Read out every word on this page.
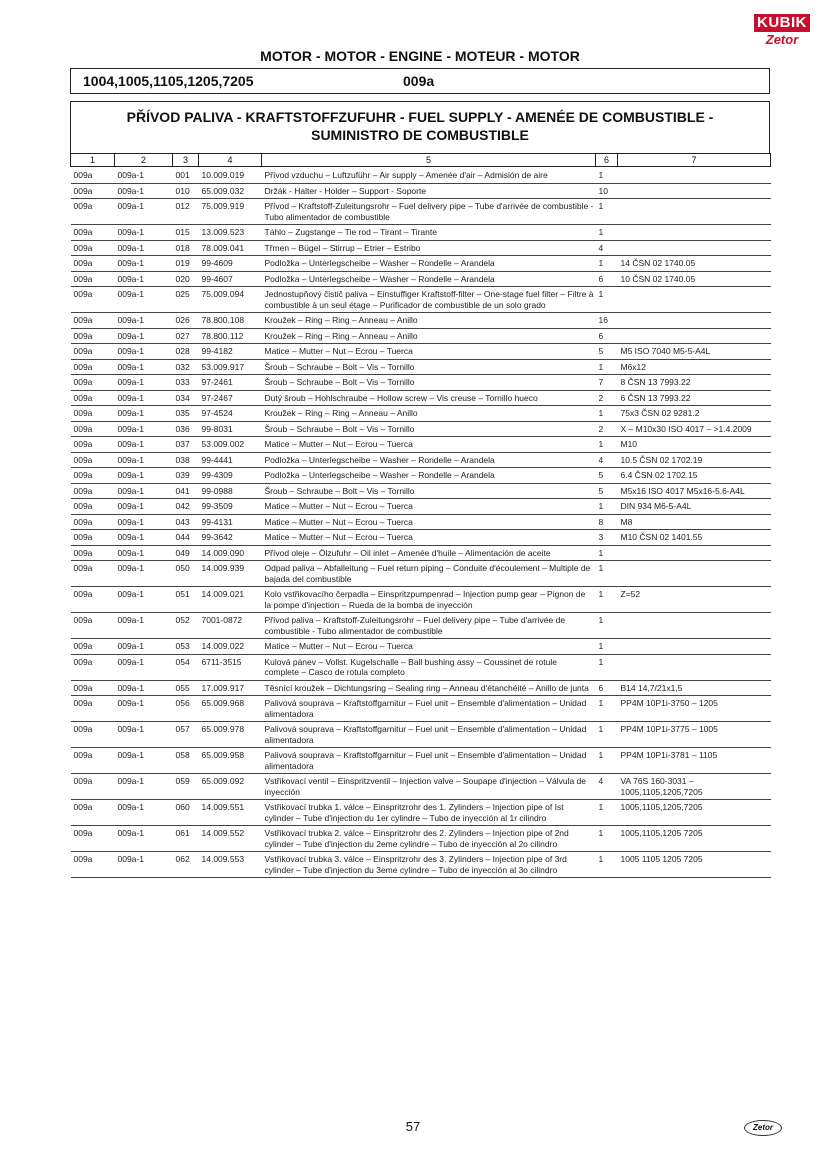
KUBIK
Zetor
MOTOR - MOTOR - ENGINE - MOTEUR - MOTOR
1004,1005,1105,1205,7205	009a
PŘÍVOD PALIVA - KRAFTSTOFFZUFUHR - FUEL SUPPLY - AMENÉE DE COMBUSTIBLE - SUMINISTRO DE COMBUSTIBLE
1	2	3	4	5	6	7
009a	009a-1	001	10.009.019	Přívod vzduchu – Luftzuführ – Air supply – Amenée d'air – Admisión de aire	1	
009a	009a-1	010	65.009.032	Držák - Halter - Holder – Support - Soporte	10	
009a	009a-1	012	75.009.919	Přívod – Kraftstoff-Zuleitungsrohr – Fuel delivery pipe – Tube d'arrivée de combustible - Tubo alimentador de combustible	1	
009a	009a-1	015	13.009.523	Táhlo – Zugstange – Tie rod – Tirant – Tirante	1	
009a	009a-1	018	78.009.041	Třmen – Bügel – Stirrup – Etrier – Estribo	4	
009a	009a-1	019	99-4609	Podložka – Unterlegscheibe – Washer – Rondelle – Arandela	1	14 ČSN 02 1740.05
009a	009a-1	020	99-4607	Podložka – Unterlegscheibe – Washer – Rondelle – Arandela	6	10 ČSN 02 1740.05
009a	009a-1	025	75.009.094	Jednostupňový čistič paliva – Einstuffiger Kraftstoff-filter – One-stage fuel filter – Filtre à combustible à un seul étage – Purificador de combustible de un solo grado	1	
009a	009a-1	026	78.800.108	Kroužek – Ring – Ring – Anneau – Anillo	16	
009a	009a-1	027	78.800.112	Kroužek – Ring – Ring – Anneau – Anillo	6	
009a	009a-1	028	99-4182	Matice – Mutter – Nut – Ecrou – Tuerca	5	M5 ISO 7040 M5-5-A4L
009a	009a-1	032	53.009.917	Šroub – Schraube – Bolt – Vis – Tornillo	1	M6x12
009a	009a-1	033	97-2461	Šroub – Schraube – Bolt – Vis – Tornillo	7	8 ČSN 13 7993.22
009a	009a-1	034	97-2467	Dutý šroub – Hohlschraube – Hollow screw – Vis creuse – Tornillo hueco	2	6 ČSN 13 7993.22
009a	009a-1	035	97-4524	Kroužek – Ring – Ring – Anneau – Anillo	1	75x3 ČSN 02 9281.2
009a	009a-1	036	99-8031	Šroub – Schraube – Bolt – Vis – Tornillo	2	X – M10x30 ISO 4017 – >1.4.2009
009a	009a-1	037	53.009.002	Matice – Mutter – Nut – Ecrou – Tuerca	1	M10
009a	009a-1	038	99-4441	Podložka – Unterlegscheibe – Washer – Rondelle – Arandela	4	10.5 ČSN 02 1702.19
009a	009a-1	039	99-4309	Podložka – Unterlegscheibe – Washer – Rondelle – Arandela	5	6.4 ČSN 02 1702.15
009a	009a-1	041	99-0988	Šroub – Schraube – Bolt – Vis – Tornillo	5	M5x16 ISO 4017 M5x16-5.6-A4L
009a	009a-1	042	99-3509	Matice – Mutter – Nut – Ecrou – Tuerca	1	DIN 934 M6-5-A4L
009a	009a-1	043	99-4131	Matice – Mutter – Nut – Ecrou – Tuerca	8	M8
009a	009a-1	044	99-3642	Matice – Mutter – Nut – Ecrou – Tuerca	3	M10 ČSN 02 1401.55
009a	009a-1	049	14.009.090	Přívod oleje – Ölzufuhr – Oil inlet – Amenée d'huile – Alimentación de aceite	1	
009a	009a-1	050	14.009.939	Odpad paliva – Abfalleitung – Fuel return piping – Conduite d'écoulement – Multiple de bajada del combustible	1	
009a	009a-1	051	14.009.021	Kolo vstřikovacího čerpadla – Einspritzpumpenrad – Injection pump gear – Pignon de la pompe d'injection – Rueda de la bomba de inyección	1	Z=52
009a	009a-1	052	7001-0872	Přívod paliva – Kraftstoff-Zuleitungsrohr – Fuel delivery pipe – Tube d'arrivée de combustible - Tubo alimentador de combustible	1	
009a	009a-1	053	14.009.022	Matice – Mutter – Nut – Ecrou – Tuerca	1	
009a	009a-1	054	6711-3515	Kulová pánev – Vollst. Kugelschalle – Ball bushing assy – Coussinet de rotule complete – Casco de rotula completo	1	
009a	009a-1	055	17.009.917	Těsnící kroužek – Dichtungsring – Sealing ring – Anneau d'étanchéité – Anillo de junta	6	B14 14,7/21x1,5
009a	009a-1	056	65.009.968	Palivová souprava – Kraftstoffgarnitur – Fuel unit – Ensemble d'alimentation – Unidad alimentadora	1	PP4M 10P1i-3750 – 1205
009a	009a-1	057	65.009.978	Palivová souprava – Kraftstoffgarnitur – Fuel unit – Ensemble d'alimentation – Unidad alimentadora	1	PP4M 10P1i-3775 – 1005
009a	009a-1	058	65.009.958	Palivová souprava – Kraftstoffgarnitur – Fuel unit – Ensemble d'alimentation – Unidad alimentadora	1	PP4M 10P1i-3781 – 1105
009a	009a-1	059	65.009.092	Vstřikovací ventil – Einspritzventil – Injection valve – Soupape d'injection – Válvula de inyección	4	VA 76S 160-3031 – 1005,1105,1205,7205
009a	009a-1	060	14.009.551	Vstřikovací trubka 1. válce – Einspritzrohr des 1. Zylinders – Injection pipe of Ist cylinder – Tube d'injection du 1er cylindre – Tubo de inyección al 1r cilindro	1	1005,1105,1205,7205
009a	009a-1	061	14.009.552	Vstřikovací trubka 2. válce – Einspritzrohr des 2. Zylinders – Injection pipe of 2nd cylinder – Tube d'injection du 2eme cylindre – Tubo de inyección al 2o cilindro	1	1005,1105,1205 7205
009a	009a-1	062	14.009.553	Vstřikovací trubka 3. válce – Einspritzrohr des 3. Zylinders – Injection pipe of 3rd cylinder – Tube d'injection du 3eme cylindre – Tubo de inyección al 3o cilindro	1	1005 1105 1205 7205
57	Zetor
